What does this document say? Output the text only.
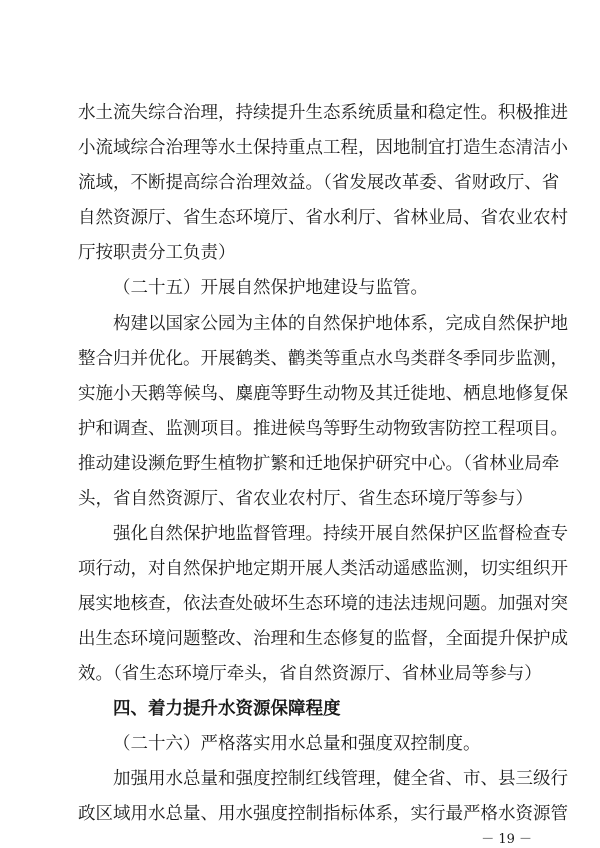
水土流失综合治理，持续提升生态系统质量和稳定性。积极推进
小流域综合治理等水土保持重点工程，因地制宜打造生态清洁小
流域，不断提高综合治理效益。（省发展改革委、省财政厅、省
自然资源厅、省生态环境厅、省水利厅、省林业局、省农业农村
厅按职责分工负责）
（二十五）开展自然保护地建设与监管。
构建以国家公园为主体的自然保护地体系，完成自然保护地
整合归并优化。开展鹤类、鹳类等重点水鸟类群冬季同步监测，
实施小天鹅等候鸟、麋鹿等野生动物及其迁徙地、栖息地修复保
护和调查、监测项目。推进候鸟等野生动物致害防控工程项目。
推动建设濒危野生植物扩繁和迁地保护研究中心。（省林业局牵
头，省自然资源厅、省农业农村厅、省生态环境厅等参与）
强化自然保护地监督管理。持续开展自然保护区监督检查专
项行动，对自然保护地定期开展人类活动遥感监测，切实组织开
展实地核查，依法查处破坏生态环境的违法违规问题。加强对突
出生态环境问题整改、治理和生态修复的监督，全面提升保护成
效。（省生态环境厅牵头，省自然资源厅、省林业局等参与）
四、着力提升水资源保障程度
（二十六）严格落实用水总量和强度双控制度。
加强用水总量和强度控制红线管理，健全省、市、县三级行
政区域用水总量、用水强度控制指标体系，实行最严格水资源管
－ 19 －
